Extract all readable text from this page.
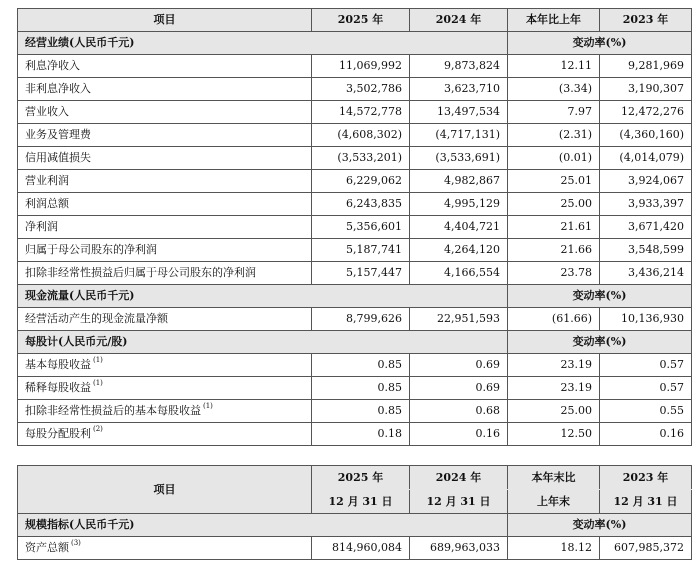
项目	2025 年	2024 年	本年比上年	2023 年
经营业绩(人民币千元)			变动率(%)	
利息净收入	11,069,992	9,873,824	12.11	9,281,969
非利息净收入	3,502,786	3,623,710	(3.34)	3,190,307
营业收入	14,572,778	13,497,534	7.97	12,472,276
业务及管理费	(4,608,302)	(4,717,131)	(2.31)	(4,360,160)
信用减值损失	(3,533,201)	(3,533,691)	(0.01)	(4,014,079)
营业利润	6,229,062	4,982,867	25.01	3,924,067
利润总额	6,243,835	4,995,129	25.00	3,933,397
净利润	5,356,601	4,404,721	21.61	3,671,420
归属于母公司股东的净利润	5,187,741	4,264,120	21.66	3,548,599
扣除非经常性损益后归属于母公司股东的净利润	5,157,447	4,166,554	23.78	3,436,214
现金流量(人民币千元)			变动率(%)	
经营活动产生的现金流量净额	8,799,626	22,951,593	(61.66)	10,136,930
每股计(人民币元/股)			变动率(%)	
基本每股收益 $^{(1)}$	0.85	0.69	23.19	0.57
稀释每股收益 $^{(1)}$	0.85	0.69	23.19	0.57
扣除非经常性损益后的基本每股收益 $^{(1)}$	0.85	0.68	25.00	0.55
每股分配股利 $^{(2)}$	0.18	0.16	12.50	0.16
项目	2025 年	2024 年	本年末比	2023 年
	12 月 31 日	12 月 31 日	上年末	12 月 31 日
规模指标(人民币千元)			变动率(%)	
资产总额 $^{(3)}$	814,960,084	689,963,033	18.12	607,985,372
